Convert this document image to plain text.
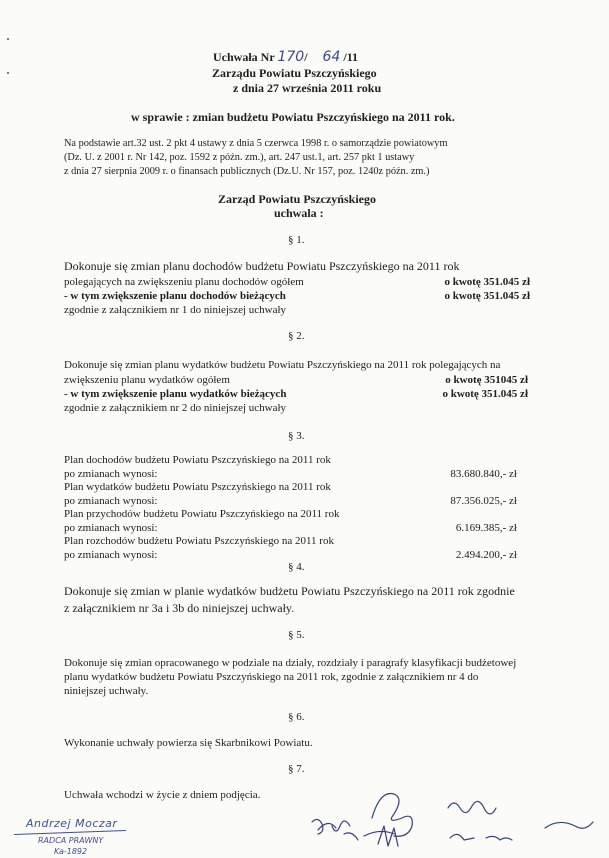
Uchwała Nr 170/ 64 /11
Zarządu Powiatu Pszczyńskiego
z dnia 27 września 2011 roku
w sprawie : zmian budżetu Powiatu Pszczyńskiego na 2011 rok.
Na podstawie art.32 ust. 2 pkt 4 ustawy z dnia 5 czerwca 1998 r. o samorządzie powiatowym
(Dz. U. z 2001 r. Nr 142, poz. 1592 z późn. zm.), art. 247 ust.1, art. 257 pkt 1 ustawy
z dnia 27 sierpnia 2009 r. o finansach publicznych (Dz.U. Nr 157, poz. 1240z późn. zm.)
Zarząd Powiatu Pszczyńskiego
uchwala :
§ 1.
Dokonuje się zmian planu dochodów budżetu Powiatu Pszczyńskiego na 2011 rok
polegających na zwiększeniu planu dochodów ogółem	o kwotę 351.045 zł
- w tym zwiększenie planu dochodów bieżących	o kwotę 351.045 zł
zgodnie z załącznikiem nr 1 do niniejszej uchwały
§ 2.
Dokonuje się zmian planu wydatków budżetu Powiatu Pszczyńskiego na 2011 rok polegających na
zwiększeniu planu wydatków ogółem	o kwotę 351045 zł
- w tym zwiększenie planu wydatków bieżących	o kwotę 351.045 zł
zgodnie z załącznikiem nr 2 do niniejszej uchwały
§ 3.
Plan dochodów budżetu Powiatu Pszczyńskiego na 2011 rok
po zmianach wynosi:	83.680.840,- zł
Plan wydatków budżetu Powiatu Pszczyńskiego na 2011 rok
po zmianach wynosi:	87.356.025,- zł
Plan przychodów budżetu Powiatu Pszczyńskiego na 2011 rok
po zmianach wynosi:	6.169.385,- zł
Plan rozchodów budżetu Powiatu Pszczyńskiego na 2011 rok
po zmianach wynosi:	2.494.200,- zł
§ 4.
Dokonuje się zmian w planie wydatków budżetu Powiatu Pszczyńskiego na 2011 rok zgodnie
z załącznikiem nr 3a i 3b do niniejszej uchwały.
§ 5.
Dokonuje się zmian opracowanego w podziale na działy, rozdziały i paragrafy klasyfikacji budżetowej
planu wydatków budżetu Powiatu Pszczyńskiego na 2011 rok, zgodnie z załącznikiem nr 4 do
niniejszej uchwały.
§ 6.
Wykonanie uchwały powierza się Skarbnikowi Powiatu.
§ 7.
Uchwała wchodzi w życie z dniem podjęcia.
Andrzej Moczar
RADCA PRAWNY
Ka-1892
